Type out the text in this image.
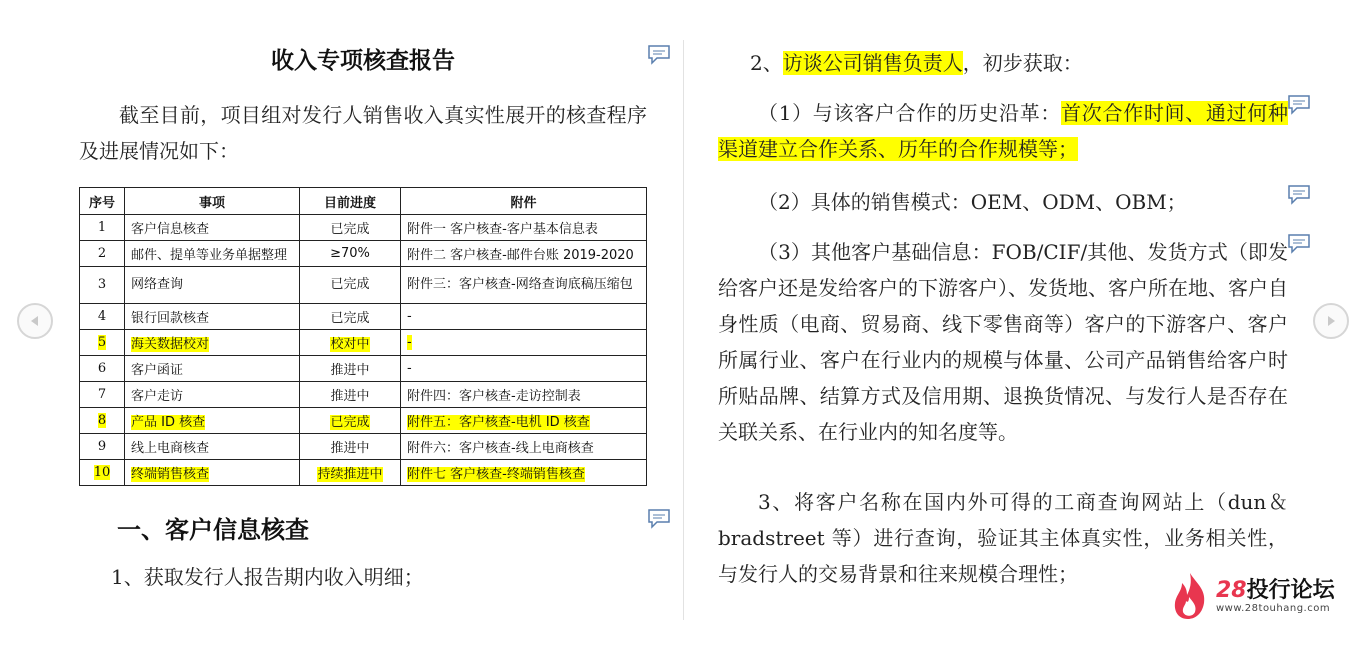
收入专项核查报告

截至目前，项目组对发行人销售收入真实性展开的核查程序及进展情况如下：

序号	事项	目前进度	附件
1	客户信息核查	已完成	附件一 客户核查-客户基本信息表
2	邮件、提单等业务单据整理	≥70%	附件二 客户核查-邮件台账 2019-2020
3	网络查询	已完成	附件三：客户核查-网络查询底稿压缩包
4	银行回款核查	已完成	-
5	海关数据校对	校对中	-
6	客户函证	推进中	-
7	客户走访	推进中	附件四：客户核查-走访控制表
8	产品 ID 核查	已完成	附件五：客户核查-电机 ID 核查
9	线上电商核查	推进中	附件六：客户核查-线上电商核查
10	终端销售核查	持续推进中	附件七 客户核查-终端销售核查
一、客户信息核查

1、获取发行人报告期内收入明细；

2、访谈公司销售负责人，初步获取：

（1）与该客户合作的历史沿革：首次合作时间、通过何种渠道建立合作关系、历年的合作规模等；

（2）具体的销售模式：OEM、ODM、OBM；

（3）其他客户基础信息：FOB/CIF/其他、发货方式（即发给客户还是发给客户的下游客户）、发货地、客户所在地、客户自身性质（电商、贸易商、线下零售商等）客户的下游客户、客户所属行业、客户在行业内的规模与体量、公司产品销售给客户时所贴品牌、结算方式及信用期、退换货情况、与发行人是否存在关联关系、在行业内的知名度等。

3、将客户名称在国内外可得的工商查询网站上（dun＆bradstreet 等）进行查询，验证其主体真实性，业务相关性，与发行人的交易背景和往来规模合理性；

28投行论坛
www.28touhang.com
